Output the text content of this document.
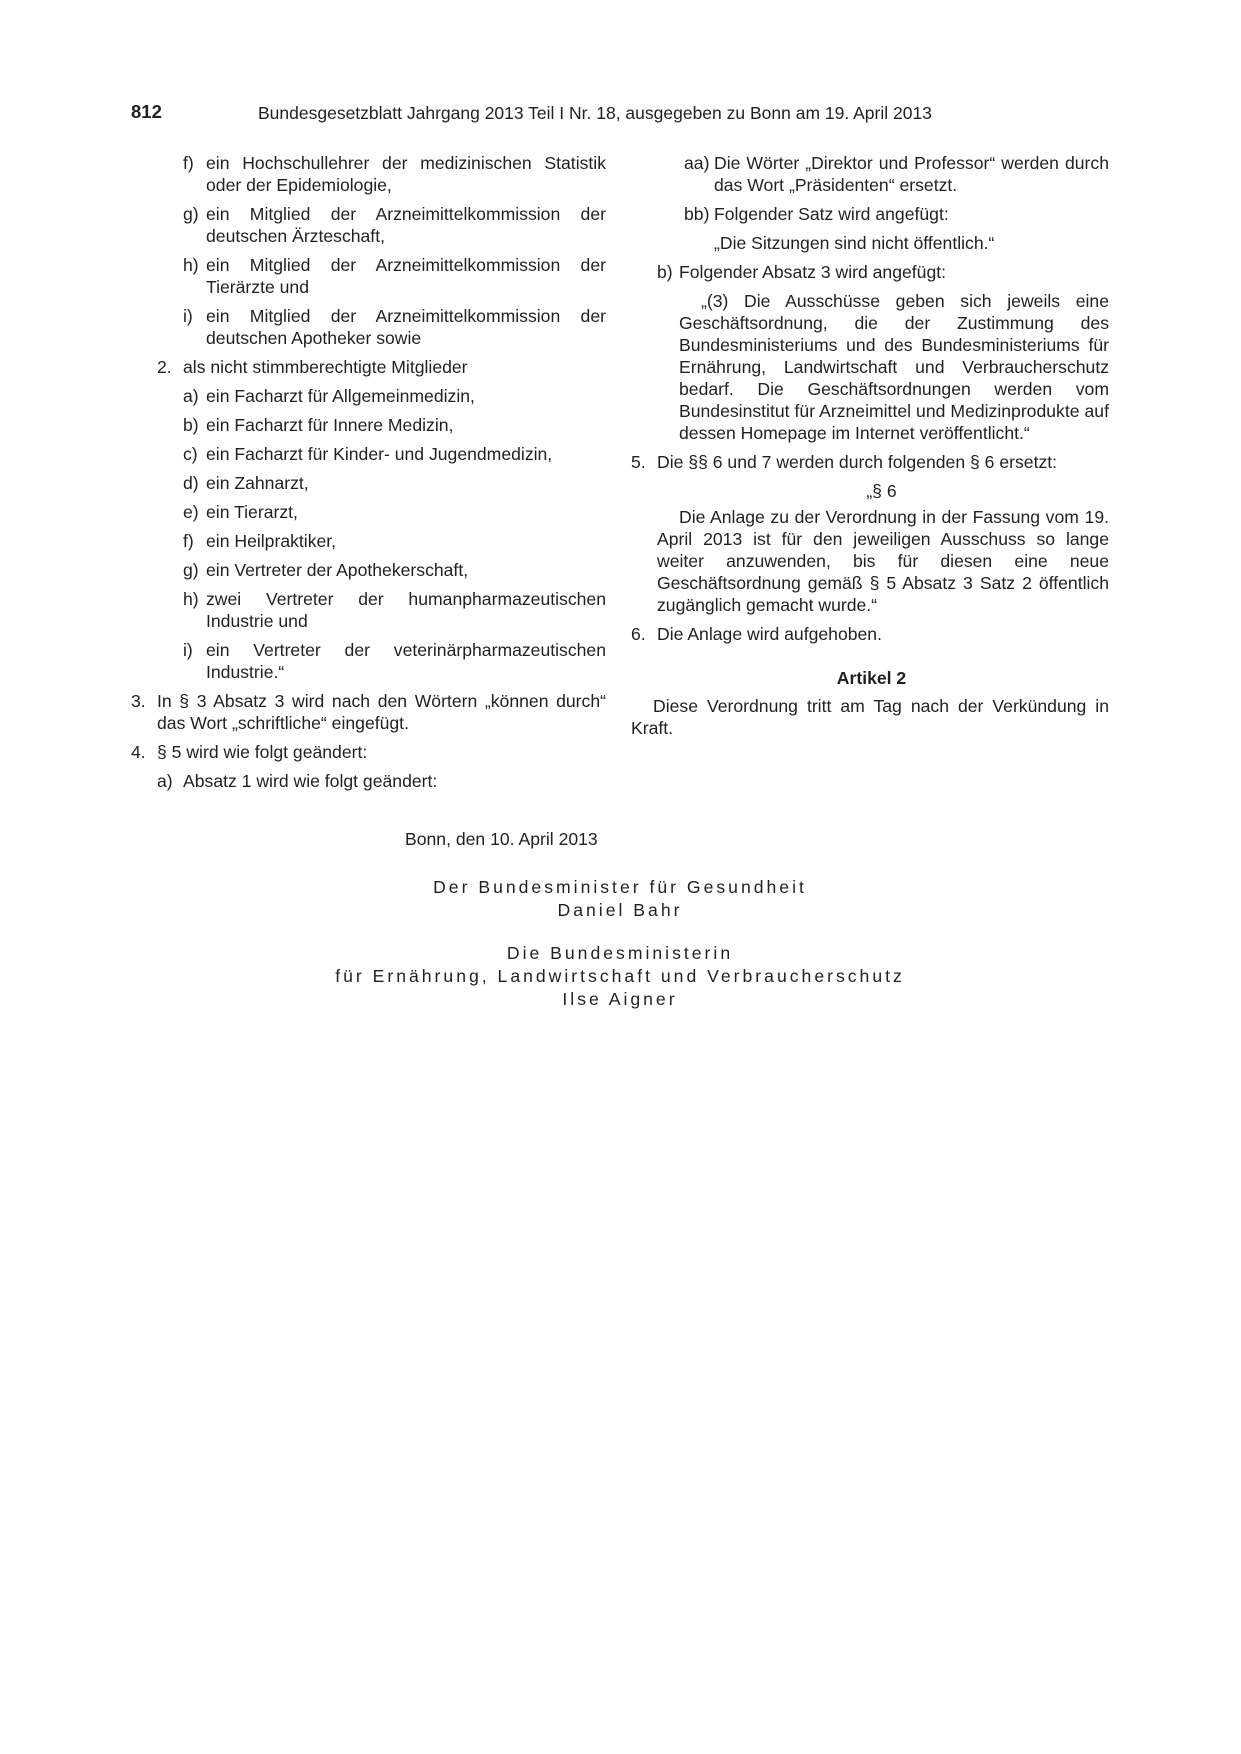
812	Bundesgesetzblatt Jahrgang 2013 Teil I Nr. 18, ausgegeben zu Bonn am 19. April 2013
f) ein Hochschullehrer der medizinischen Statistik oder der Epidemiologie,
g) ein Mitglied der Arzneimittelkommission der deutschen Ärzteschaft,
h) ein Mitglied der Arzneimittelkommission der Tierärzte und
i) ein Mitglied der Arzneimittelkommission der deutschen Apotheker sowie
2. als nicht stimmberechtigte Mitglieder
a) ein Facharzt für Allgemeinmedizin,
b) ein Facharzt für Innere Medizin,
c) ein Facharzt für Kinder- und Jugendmedizin,
d) ein Zahnarzt,
e) ein Tierarzt,
f) ein Heilpraktiker,
g) ein Vertreter der Apothekerschaft,
h) zwei Vertreter der humanpharmazeutischen Industrie und
i) ein Vertreter der veterinärpharmazeutischen Industrie.“
3. In § 3 Absatz 3 wird nach den Wörtern „können durch“ das Wort „schriftliche“ eingefügt.
4. § 5 wird wie folgt geändert:
a) Absatz 1 wird wie folgt geändert:
aa) Die Wörter „Direktor und Professor“ werden durch das Wort „Präsidenten“ ersetzt.
bb) Folgender Satz wird angefügt:
„Die Sitzungen sind nicht öffentlich.“
b) Folgender Absatz 3 wird angefügt:
„(3) Die Ausschüsse geben sich jeweils eine Geschäftsordnung, die der Zustimmung des Bundesministeriums und des Bundesministeriums für Ernährung, Landwirtschaft und Verbraucherschutz bedarf. Die Geschäftsordnungen werden vom Bundesinstitut für Arzneimittel und Medizinprodukte auf dessen Homepage im Internet veröffentlicht.“
5. Die §§ 6 und 7 werden durch folgenden § 6 ersetzt:
„§ 6
Die Anlage zu der Verordnung in der Fassung vom 19. April 2013 ist für den jeweiligen Ausschuss so lange weiter anzuwenden, bis für diesen eine neue Geschäftsordnung gemäß § 5 Absatz 3 Satz 2 öffentlich zugänglich gemacht wurde.“
6. Die Anlage wird aufgehoben.
Artikel 2
Diese Verordnung tritt am Tag nach der Verkündung in Kraft.
Bonn, den 10. April 2013
Der Bundesminister für Gesundheit
Daniel Bahr
Die Bundesministerin
für Ernährung, Landwirtschaft und Verbraucherschutz
Ilse Aigner
